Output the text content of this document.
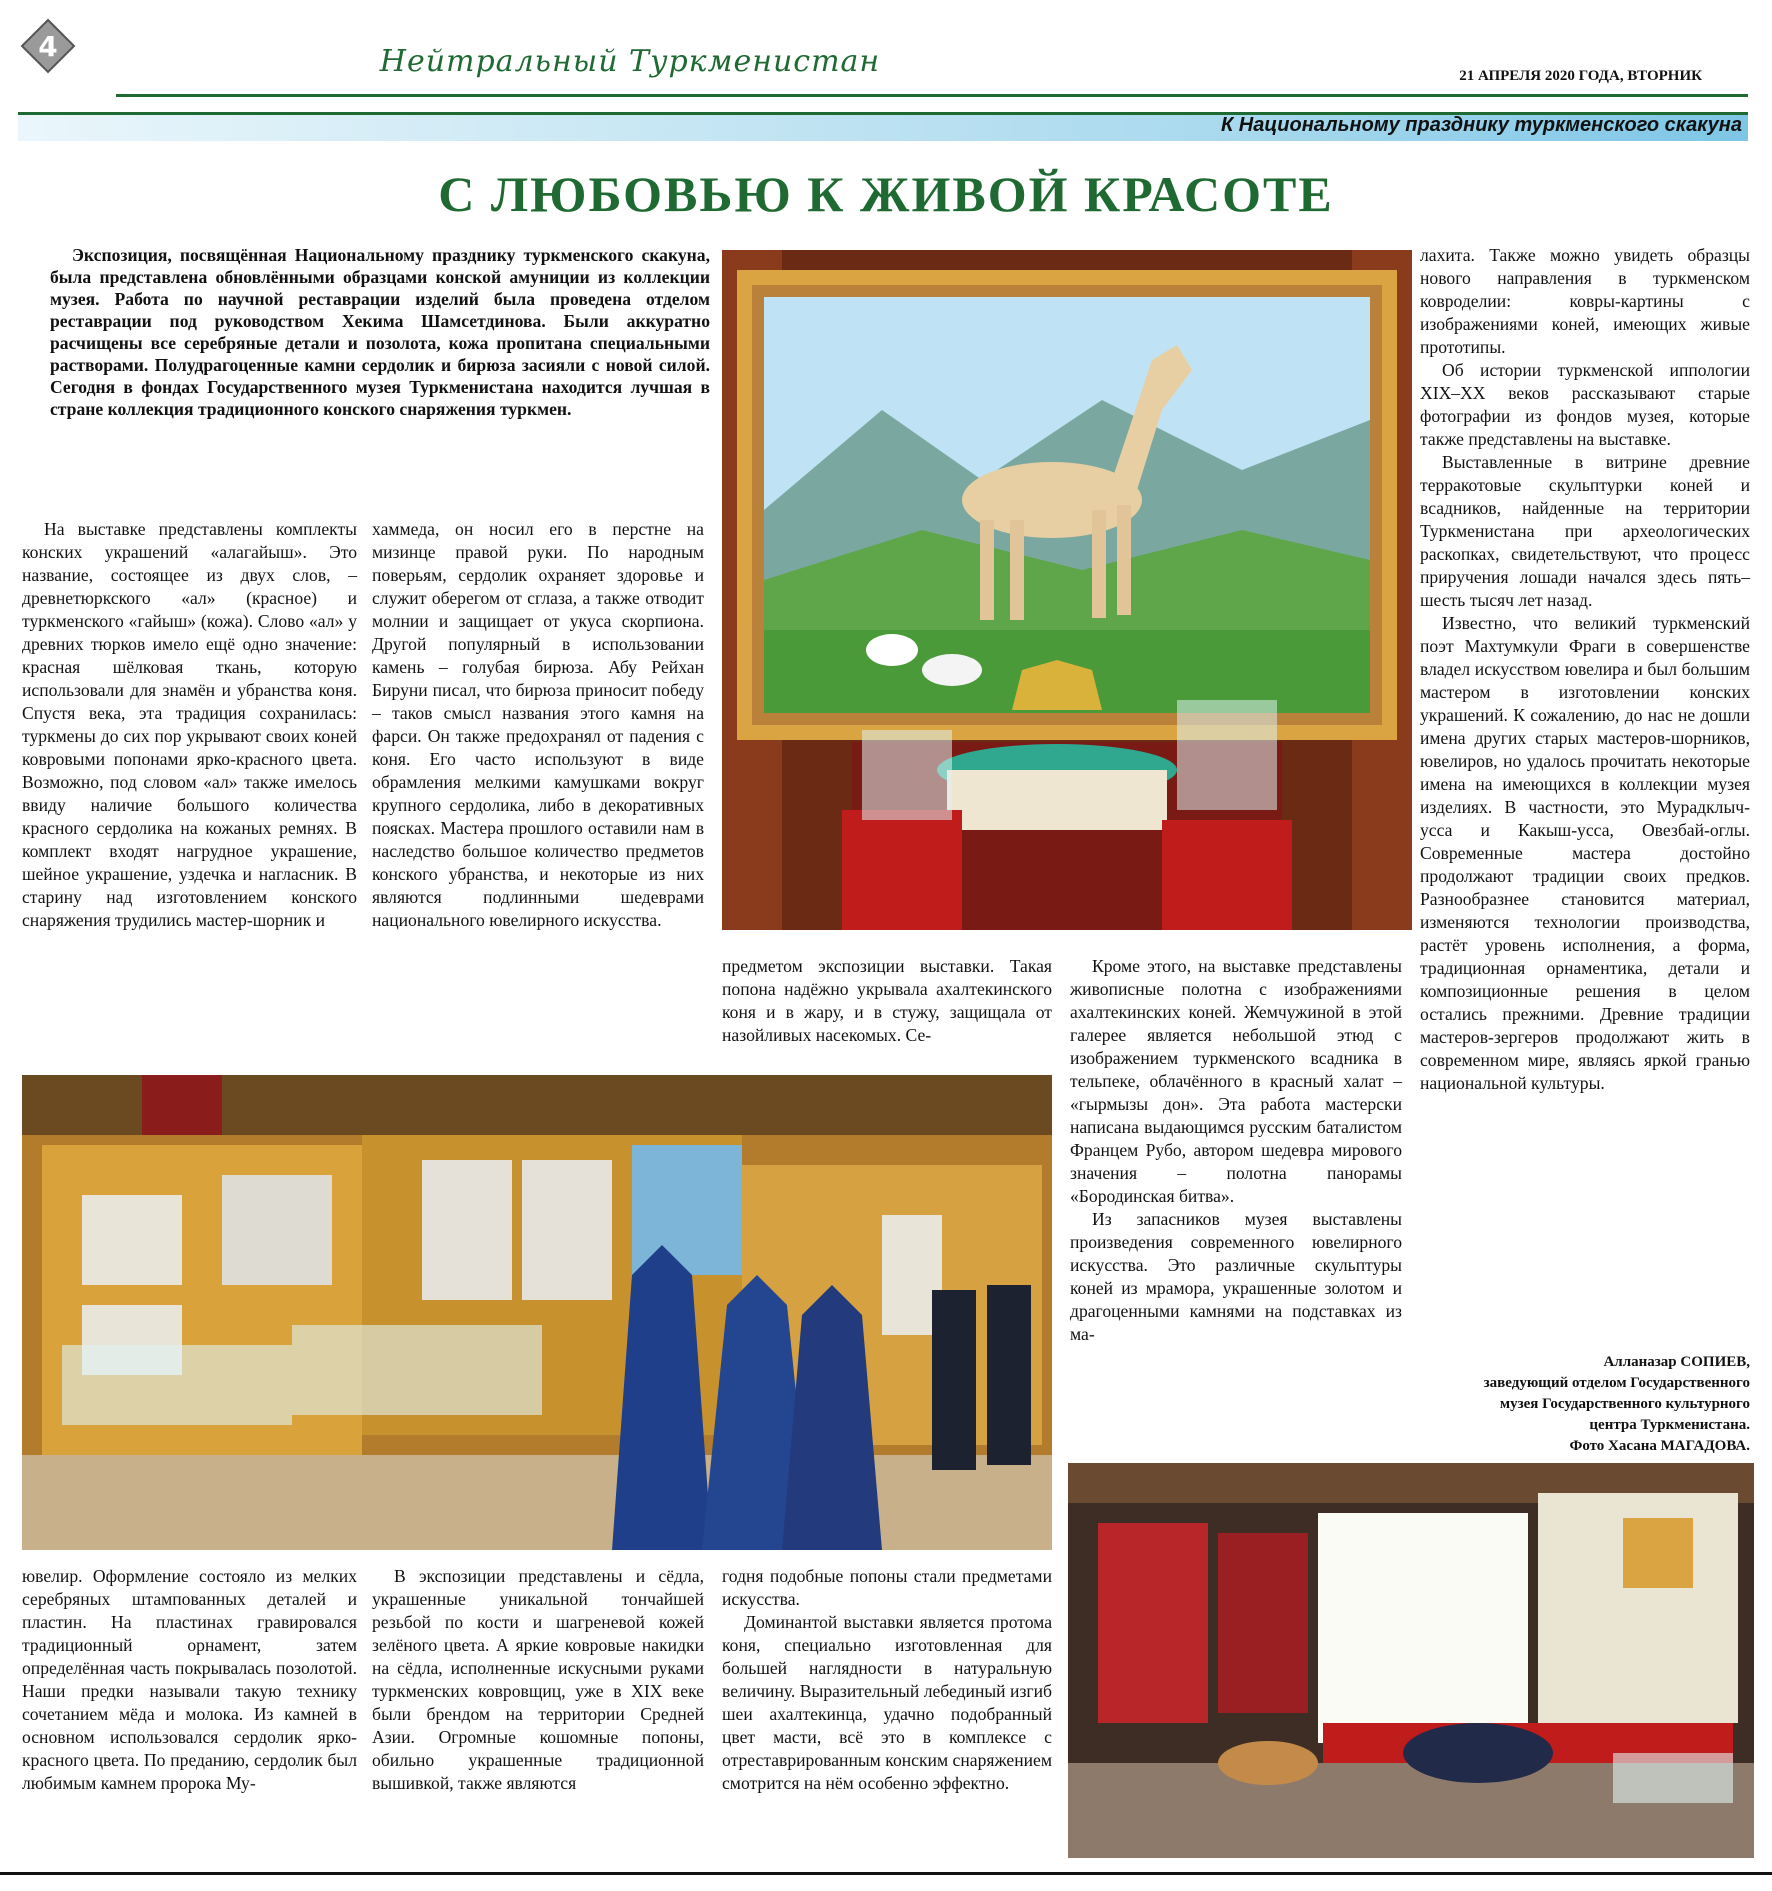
4	Нейтральный Туркменистан	21 АПРЕЛЯ 2020 ГОДА, ВТОРНИК
К Национальному празднику туркменского скакуна
С ЛЮБОВЬЮ К ЖИВОЙ КРАСОТЕ

Экспозиция, посвящённая Национальному празднику туркменского скакуна, была представлена обновлёнными образцами конской амуниции из коллекции музея. Работа по научной реставрации изделий была проведена отделом реставрации под руководством Хекима Шамсетдинова. Были аккуратно расчищены все серебряные детали и позолота, кожа пропитана специальными растворами. Полудрагоценные камни сердолик и бирюза засияли с новой силой. Сегодня в фондах Государственного музея Туркменистана находится лучшая в стране коллекция традиционного конского снаряжения туркмен.

На выставке представлены комплекты конских украшений «алагайыш». Это название, состоящее из двух слов, – древнетюркского «ал» (красное) и туркменского «гайыш» (кожа). Слово «ал» у древних тюрков имело ещё одно значение: красная шёлковая ткань, которую использовали для знамён и убранства коня. Спустя века, эта традиция сохранилась: туркмены до сих пор укрывают своих коней ковровыми попонами ярко-красного цвета. Возможно, под словом «ал» также имелось ввиду наличие большого количества красного сердолика на кожаных ремнях. В комплект входят нагрудное украшение, шейное украшение, уздечка и нагласник. В старину над изготовлением конского снаряжения трудились мастер-шорник и

хаммеда, он носил его в перстне на мизинце правой руки. По народным поверьям, сердолик охраняет здоровье и служит оберегом от сглаза, а также отводит молнии и защищает от укуса скорпиона. Другой популярный в использовании камень – голубая бирюза. Абу Рейхан Бируни писал, что бирюза приносит победу – таков смысл названия этого камня на фарси. Он также предохранял от падения с коня. Его часто используют в виде обрамления мелкими камушками вокруг крупного сердолика, либо в декоративных поясках. Мастера прошлого оставили нам в наследство большое количество предметов конского убранства, и некоторые из них являются подлинными шедеврами национального ювелирного искусства.

предметом экспозиции выставки. Такая попона надёжно укрывала ахалтекинского коня и в жару, и в стужу, защищала от назойливых насекомых. Се-

Кроме этого, на выставке представлены живописные полотна с изображениями ахалтекинских коней. Жемчужиной в этой галерее является небольшой этюд с изображением туркменского всадника в тельпеке, облачённого в красный халат – «гырмызы дон». Эта работа мастерски написана выдающимся русским баталистом Францем Рубо, автором шедевра мирового значения – полотна панорамы «Бородинская битва».

Из запасников музея выставлены произведения современного ювелирного искусства. Это различные скульптуры коней из мрамора, украшенные золотом и драгоценными камнями на подставках из ма-

лахита. Также можно увидеть образцы нового направления в туркменском ковроделии: ковры-картины с изображениями коней, имеющих живые прототипы.

Об истории туркменской иппологии XIX–XX веков рассказывают старые фотографии из фондов музея, которые также представлены на выставке.

Выставленные в витрине древние терракотовые скульптурки коней и всадников, найденные на территории Туркменистана при археологических раскопках, свидетельствуют, что процесс приручения лошади начался здесь пять–шесть тысяч лет назад.

Известно, что великий туркменский поэт Махтумкули Фраги в совершенстве владел искусством ювелира и был большим мастером в изготовлении конских украшений. К сожалению, до нас не дошли имена других старых мастеров-шорников, ювелиров, но удалось прочитать некоторые имена на имеющихся в коллекции музея изделиях. В частности, это Мурадклыч-усса и Какыш-усса, Овезбай-оглы. Современные мастера достойно продолжают традиции своих предков. Разнообразнее становится материал, изменяются технологии производства, растёт уровень исполнения, а форма, традиционная орнаментика, детали и композиционные решения в целом остались прежними. Древние традиции мастеров-зергеров продолжают жить в современном мире, являясь яркой гранью национальной культуры.

Алланазар СОПИЕВ,
заведующий отделом Государственного музея Государственного культурного центра Туркменистана.
Фото Хасана МАГАДОВА.

ювелир. Оформление состояло из мелких серебряных штампованных деталей и пластин. На пластинах гравировался традиционный орнамент, затем определённая часть покрывалась позолотой. Наши предки называли такую технику сочетанием мёда и молока. Из камней в основном использовался сердолик ярко-красного цвета. По преданию, сердолик был любимым камнем пророка Му-

В экспозиции представлены и сёдла, украшенные уникальной тончайшей резьбой по кости и шагреневой кожей зелёного цвета. А яркие ковровые накидки на сёдла, исполненные искусными руками туркменских ковровщиц, уже в XIX веке были брендом на территории Средней Азии. Огромные кошомные попоны, обильно украшенные традиционной вышивкой, также являются

годня подобные попоны стали предметами искусства.

Доминантой выставки является протома коня, специально изготовленная для большей наглядности в натуральную величину. Выразительный лебединый изгиб шеи ахалтекинца, удачно подобранный цвет масти, всё это в комплексе с отреставрированным конским снаряжением смотрится на нём особенно эффектно.
